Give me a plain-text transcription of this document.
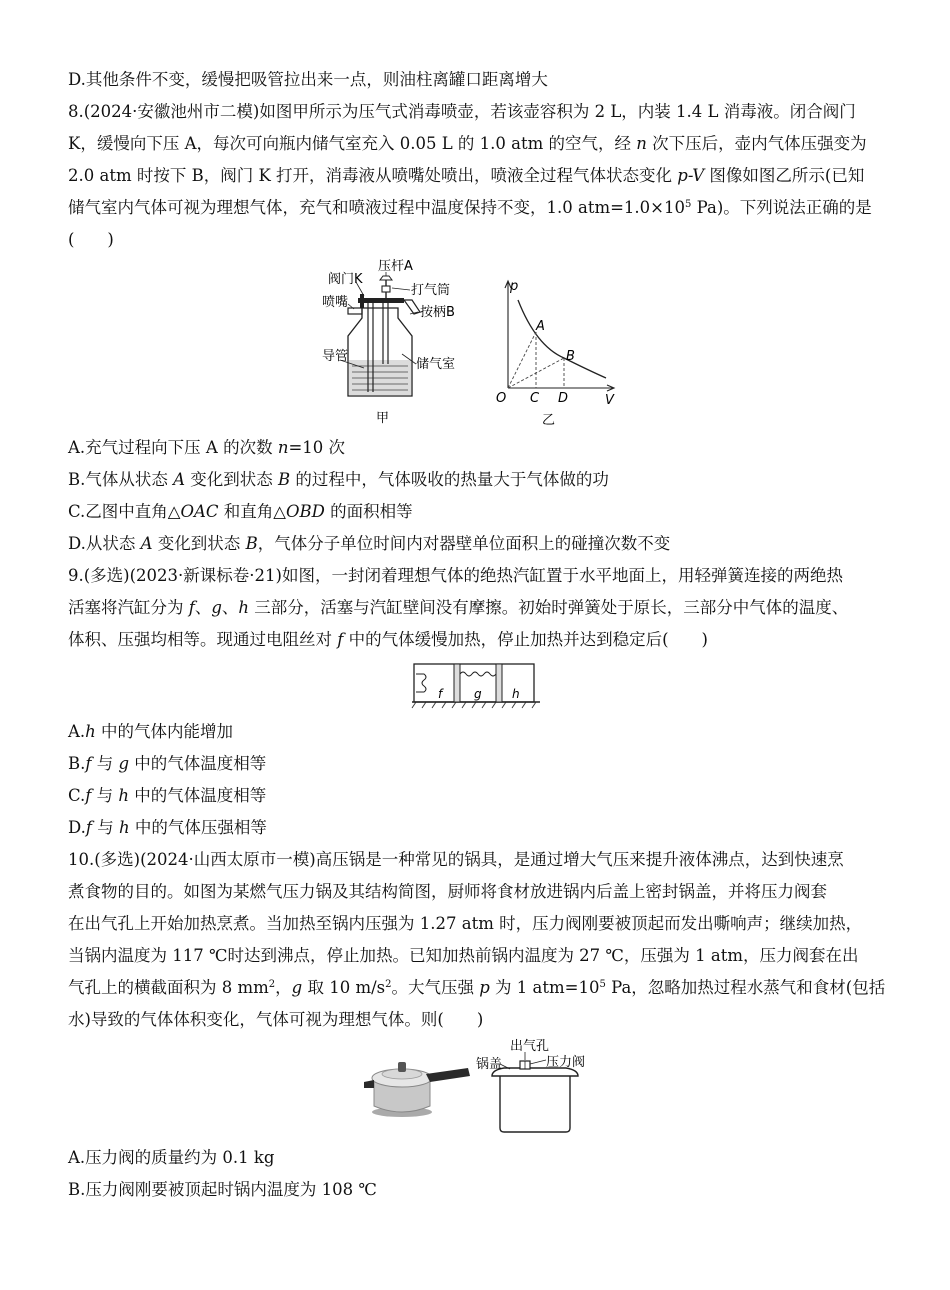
D.其他条件不变，缓慢把吸管拉出来一点，则油柱离罐口距离增大
8.(2024·安徽池州市二模)如图甲所示为压气式消毒喷壶，若该壶容积为 2 L，内装 1.4 L 消毒液。闭合阀门
K，缓慢向下压 A，每次可向瓶内储气室充入 0.05 L 的 1.0 atm 的空气，经 n 次下压后，壶内气体压强变为
2.0 atm 时按下 B，阀门 K 打开，消毒液从喷嘴处喷出，喷液全过程气体状态变化 p-V 图像如图乙所示(已知
储气室内气体可视为理想气体，充气和喷液过程中温度保持不变，1.0 $atm=1.0\times 10^5$ Pa)。下列说法正确的是
(　　)
阀门K
压杆A
打气筒
喷嘴
按柄B
导管
储气室
甲
p
V
O
A
B
C D
乙
A.充气过程向下压 A 的次数 n=10 次
B.气体从状态 A 变化到状态 B 的过程中，气体吸收的热量大于气体做的功
C.乙图中直角△OAC 和直角△OBD 的面积相等
D.从状态 A 变化到状态 B，气体分子单位时间内对器壁单位面积上的碰撞次数不变
9.(多选)(2023·新课标卷·21)如图，一封闭着理想气体的绝热汽缸置于水平地面上，用轻弹簧连接的两绝热
活塞将汽缸分为 f、g、h 三部分，活塞与汽缸壁间没有摩擦。初始时弹簧处于原长，三部分中气体的温度、
体积、压强均相等。现通过电阻丝对 f 中的气体缓慢加热，停止加热并达到稳定后(　　)
f	g	h
A.h 中的气体内能增加
B.f 与 g 中的气体温度相等
C.f 与 h 中的气体温度相等
D.f 与 h 中的气体压强相等
10.(多选)(2024·山西太原市一模)高压锅是一种常见的锅具，是通过增大气压来提升液体沸点，达到快速烹
煮食物的目的。如图为某燃气压力锅及其结构简图，厨师将食材放进锅内后盖上密封锅盖，并将压力阀套
在出气孔上开始加热烹煮。当加热至锅内压强为 1.27 atm 时，压力阀刚要被顶起而发出嘶响声；继续加热，
当锅内温度为 117 ℃时达到沸点，停止加热。已知加热前锅内温度为 27 ℃，压强为 1 atm，压力阀套在出
气孔上的横截面积为 8 $mm^2$，g 取 10 $m/s^2$。大气压强 p 为 1 $atm=10^5$ Pa，忽略加热过程水蒸气和食材(包括
水)导致的气体体积变化，气体可视为理想气体。则(　　)
出气孔
锅盖	压力阀
A.压力阀的质量约为 0.1 kg
B.压力阀刚要被顶起时锅内温度为 108 ℃
